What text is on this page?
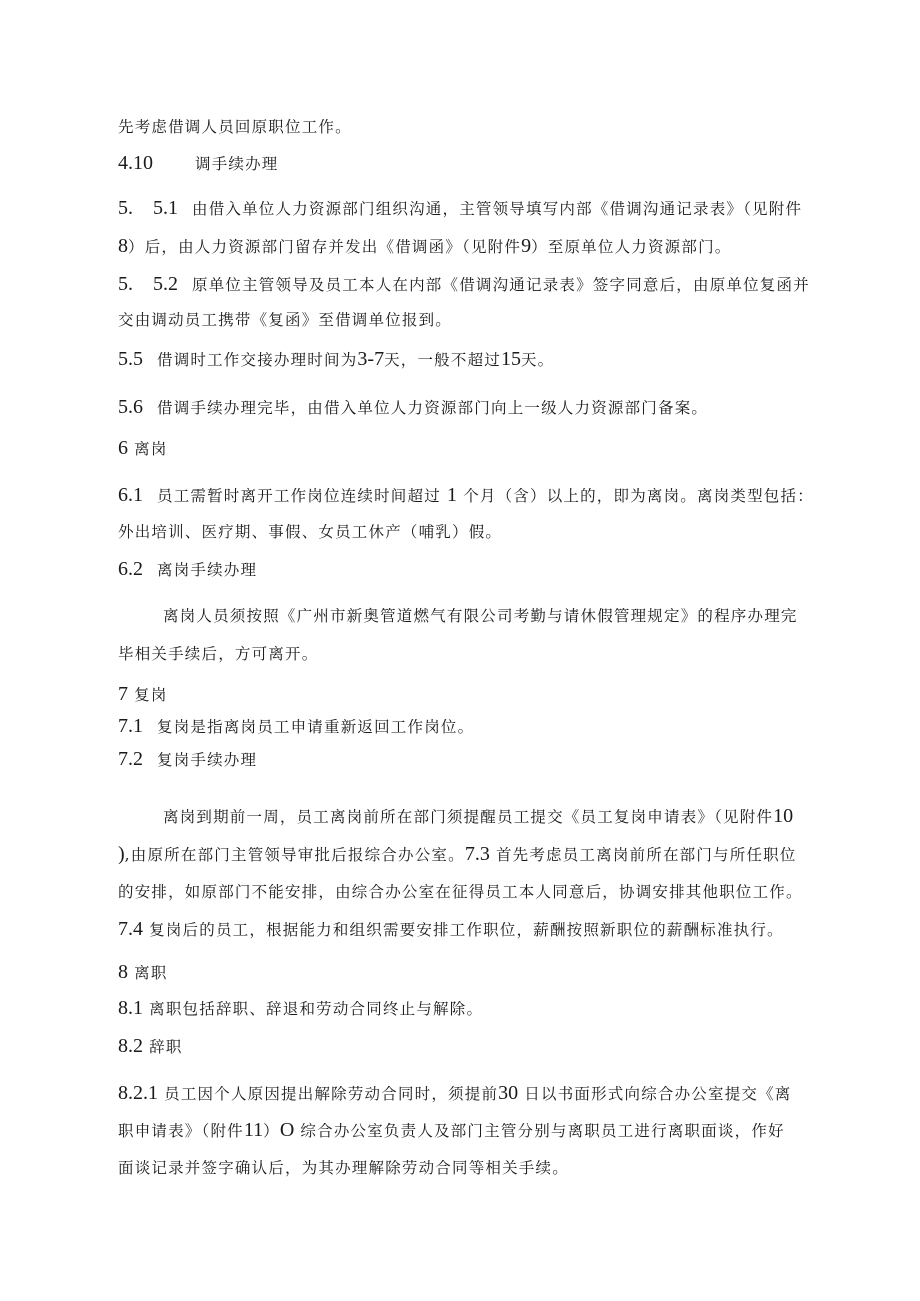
先考虑借调人员回原职位工作。
4.10	调手续办理
5.　5.1 由借入单位人力资源部门组织沟通，主管领导填写内部《借调沟通记录表》（见附件
8）后，由人力资源部门留存并发出《借调函》（见附件9）至原单位人力资源部门。
5.　5.2 原单位主管领导及员工本人在内部《借调沟通记录表》签字同意后，由原单位复函并
交由调动员工携带《复函》至借调单位报到。
5.5 借调时工作交接办理时间为3-7天，一般不超过15天。
5.6 借调手续办理完毕，由借入单位人力资源部门向上一级人力资源部门备案。
6 离岗
6.1 员工需暂时离开工作岗位连续时间超过 1 个月（含）以上的，即为离岗。离岗类型包括：
外出培训、医疗期、事假、女员工休产（哺乳）假。
6.2 离岗手续办理
离岗人员须按照《广州市新奥管道燃气有限公司考勤与请休假管理规定》的程序办理完
毕相关手续后，方可离开。
7 复岗
7.1 复岗是指离岗员工申请重新返回工作岗位。
7.2 复岗手续办理
离岗到期前一周，员工离岗前所在部门须提醒员工提交《员工复岗申请表》（见附件10
),由原所在部门主管领导审批后报综合办公室。7.3 首先考虑员工离岗前所在部门与所任职位
的安排，如原部门不能安排，由综合办公室在征得员工本人同意后，协调安排其他职位工作。
7.4 复岗后的员工，根据能力和组织需要安排工作职位，薪酬按照新职位的薪酬标准执行。
8 离职
8.1 离职包括辞职、辞退和劳动合同终止与解除。
8.2 辞职
8.2.1 员工因个人原因提出解除劳动合同时，须提前30 日以书面形式向综合办公室提交《离
职申请表》（附件11）O 综合办公室负责人及部门主管分别与离职员工进行离职面谈，作好
面谈记录并签字确认后，为其办理解除劳动合同等相关手续。
